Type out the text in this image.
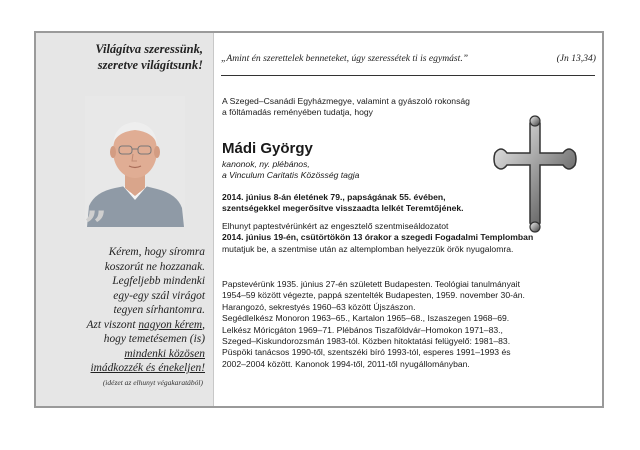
Világítva szeressünk,
szeretve világítsunk!
”
Kérem, hogy síromra
koszorút ne hozzanak.
Legfeljebb mindenki
egy-egy szál virágot
tegyen sírhantomra.
Azt viszont nagyon kérem,
hogy temetésemen (is)
mindenki közösen
imádkozzék és énekeljen!
(idézet az elhunyt végakaratából)
„Amint én szerettelek benneteket, úgy szeressétek ti is egymást.”	(Jn 13,34)
A Szeged–Csanádi Egyházmegye, valamint a gyászoló rokonság
a föltámadás reményében tudatja, hogy
Mádi György
kanonok, ny. plébános,
a Vinculum Caritatis Közösség tagja
2014. június 8-án életének 79., papságának 55. évében,
szentségekkel megerősítve visszaadta lelkét Teremtőjének.
Elhunyt paptestvérünkért az engesztelő szentmiseáldozatot
2014. június 19-én, csütörtökön 13 órakor a szegedi Fogadalmi Templomban
mutatjuk be, a szentmise után az altemplomban helyezzük örök nyugalomra.
Papstevérünk 1935. június 27-én született Budapesten. Teológiai tanulmányait
1954–59 között végezte, pappá szentelték Budapesten, 1959. november 30-án.
Harangozó, sekrestyés 1960–63 között Újszászon.
Segédlelkész Monoron 1963–65., Kartalon 1965–68., Iszaszegen 1968–69.
Lelkész Móricgáton 1969–71. Plébános Tiszaföldvár–Homokon 1971–83.,
Szeged–Kiskundorozsmán 1983-tól. Közben hitoktatási felügyelő: 1981–83.
Püspöki tanácsos 1990-től, szentszéki bíró 1993-tól, esperes 1991–1993 és
2002–2004 között. Kanonok 1994-től, 2011-től nyugállományban.
